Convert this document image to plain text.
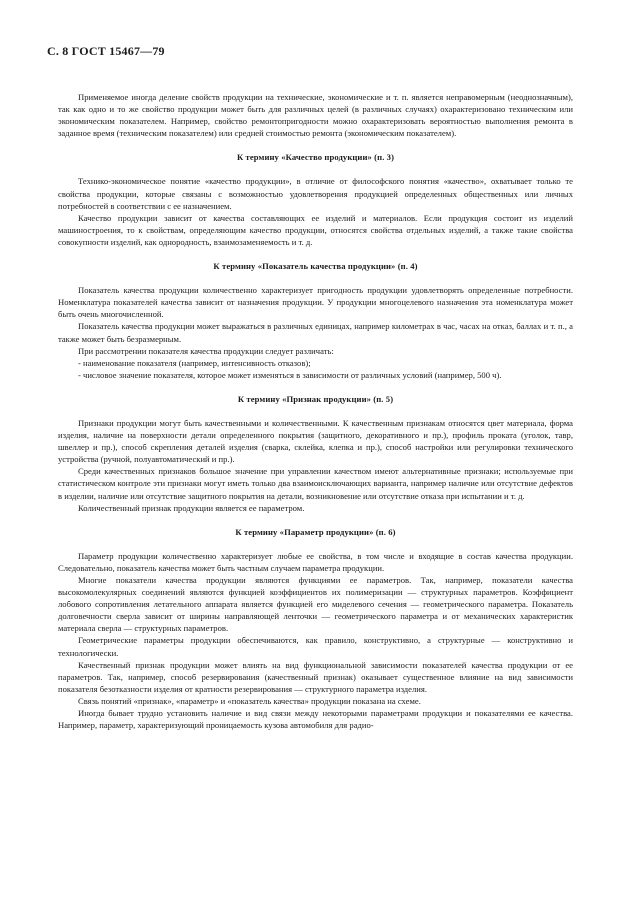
С. 8 ГОСТ 15467—79

Применяемое иногда деление свойств продукции на технические, экономические и т. п. является неправомерным (неоднозначным), так как одно и то же свойство продукции может быть для различных целей (в различных случаях) охарактеризовано техническим или экономическим показателем. Например, свойство ремонтопригодности можно охарактеризовать вероятностью выполнения ремонта в заданное время (техническим показателем) или средней стоимостью ремонта (экономическим показателем).

К термину «Качество продукции» (п. 3)

Технико-экономическое понятие «качество продукции», в отличие от философского понятия «качество», охватывает только те свойства продукции, которые связаны с возможностью удовлетворения продукцией определенных общественных или личных потребностей в соответствии с ее назначением.

Качество продукции зависит от качества составляющих ее изделий и материалов. Если продукция состоит из изделий машиностроения, то к свойствам, определяющим качество продукции, относятся свойства отдельных изделий, а также такие свойства совокупности изделий, как однородность, взаимозаменяемость и т. д.

К термину «Показатель качества продукции» (п. 4)

Показатель качества продукции количественно характеризует пригодность продукции удовлетворять определенные потребности. Номенклатура показателей качества зависит от назначения продукции. У продукции многоцелевого назначения эта номенклатура может быть очень многочисленной.

Показатель качества продукции может выражаться в различных единицах, например километрах в час, часах на отказ, баллах и т. п., а также может быть безразмерным.

При рассмотрении показателя качества продукции следует различать:

- наименование показателя (например, интенсивность отказов);

- числовое значение показателя, которое может изменяться в зависимости от различных условий (например, 500 ч).

К термину «Признак продукции» (п. 5)

Признаки продукции могут быть качественными и количественными. К качественным признакам относятся цвет материала, форма изделия, наличие на поверхности детали определенного покрытия (защитного, декоративного и пр.), профиль проката (уголок, тавр, швеллер и пр.), способ скрепления деталей изделия (сварка, склейка, клепка и пр.), способ настройки или регулировки технического устройства (ручной, полуавтоматический и пр.).

Среди качественных признаков большое значение при управлении качеством имеют альтернативные признаки; используемые при статистическом контроле эти признаки могут иметь только два взаимоисключающих варианта, например наличие или отсутствие дефектов в изделии, наличие или отсутствие защитного покрытия на детали, возникновение или отсутствие отказа при испытании и т. д.

Количественный признак продукции является ее параметром.

К термину «Параметр продукции» (п. 6)

Параметр продукции количественно характеризует любые ее свойства, в том числе и входящие в состав качества продукции. Следовательно, показатель качества может быть частным случаем параметра продукции.

Многие показатели качества продукции являются функциями ее параметров. Так, например, показатели качества высокомолекулярных соединений являются функцией коэффициентов их полимеризации — структурных параметров. Коэффициент лобового сопротивления летательного аппарата является функцией его миделевого сечения — геометрического параметра. Показатель долговечности сверла зависит от ширины направляющей ленточки — геометрического параметра и от механических характеристик материала сверла — структурных параметров.

Геометрические параметры продукции обеспечиваются, как правило, конструктивно, а структурные — конструктивно и технологически.

Качественный признак продукции может влиять на вид функциональной зависимости показателей качества продукции от ее параметров. Так, например, способ резервирования (качественный признак) оказывает существенное влияние на вид зависимости показателя безотказности изделия от кратности резервирования — структурного параметра изделия.

Связь понятий «признак», «параметр» и «показатель качества» продукции показана на схеме.

Иногда бывает трудно установить наличие и вид связи между некоторыми параметрами продукции и показателями ее качества. Например, параметр, характеризующий проницаемость кузова автомобиля для радио-
